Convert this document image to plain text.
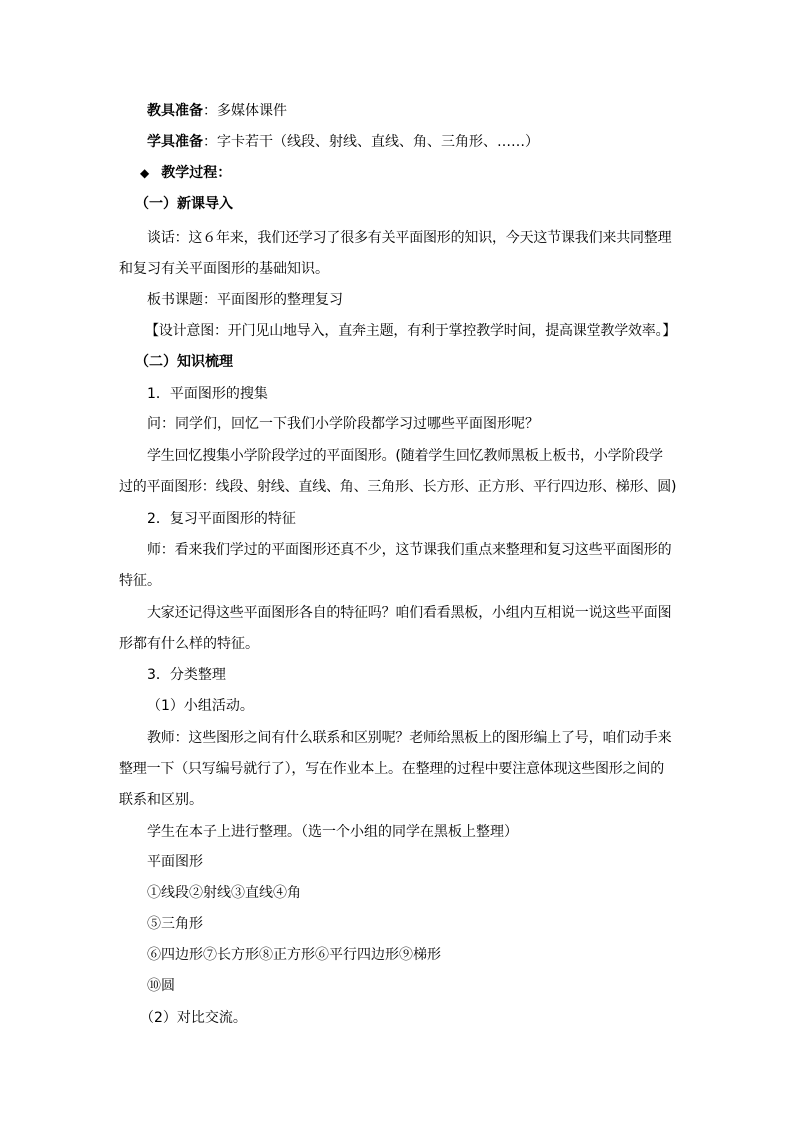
教具准备：多媒体课件
学具准备：字卡若干（线段、射线、直线、角、三角形、……）
◆ 教学过程：
（一）新课导入
谈话：这６年来，我们还学习了很多有关平面图形的知识，今天这节课我们来共同整理
和复习有关平面图形的基础知识。
板书课题：平面图形的整理复习
【设计意图：开门见山地导入，直奔主题，有利于掌控教学时间，提高课堂教学效率。】
（二）知识梳理
1．平面图形的搜集
问：同学们，回忆一下我们小学阶段都学习过哪些平面图形呢？
学生回忆搜集小学阶段学过的平面图形。(随着学生回忆教师黑板上板书，小学阶段学
过的平面图形：线段、射线、直线、角、三角形、长方形、正方形、平行四边形、梯形、圆)
2．复习平面图形的特征
师：看来我们学过的平面图形还真不少，这节课我们重点来整理和复习这些平面图形的
特征。
大家还记得这些平面图形各自的特征吗？咱们看看黑板，小组内互相说一说这些平面图
形都有什么样的特征。
3．分类整理
（1）小组活动。
教师：这些图形之间有什么联系和区别呢？老师给黑板上的图形编上了号，咱们动手来
整理一下（只写编号就行了），写在作业本上。在整理的过程中要注意体现这些图形之间的
联系和区别。
学生在本子上进行整理。（选一个小组的同学在黑板上整理）
平面图形
①线段②射线③直线④角
⑤三角形
⑥四边形⑦长方形⑧正方形⑥平行四边形⑨梯形
⑩圆
（2）对比交流。
